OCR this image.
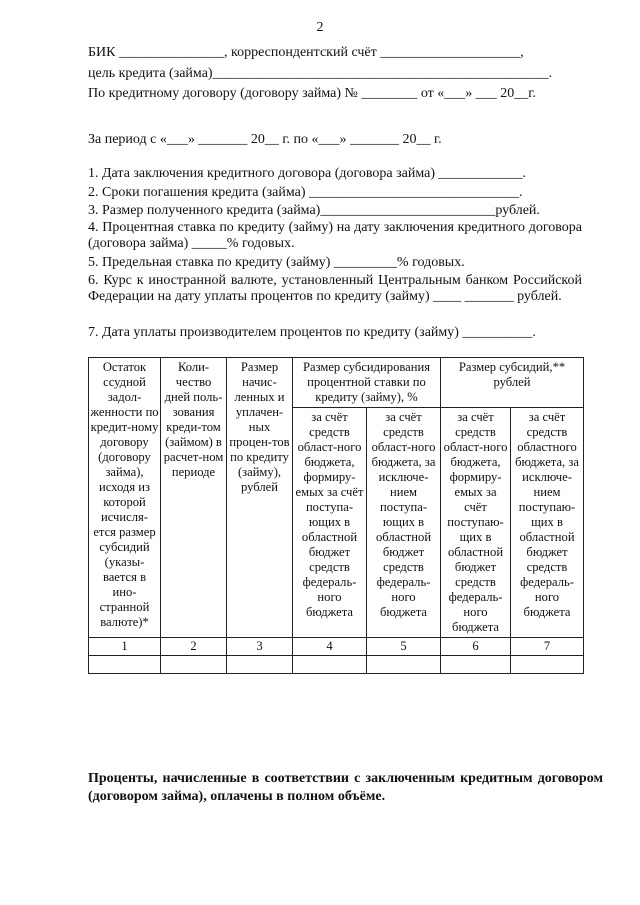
2
БИК _______________, корреспондентский счёт ____________________,
цель кредита (займа)________________________________________________.
По кредитному договору (договору займа) № ________ от «___» ___ 20__г.
За период с «___» _______ 20__ г. по «___» _______ 20__ г.
1. Дата заключения кредитного договора (договора займа) ____________.
2. Сроки погашения кредита (займа) ______________________________.
3. Размер полученного кредита (займа)_________________________рублей.
4. Процентная ставка по кредиту (займу) на дату заключения кредитного договора (договора займа) _____% годовых.
5. Предельная ставка по кредиту (займу) _________% годовых.
6. Курс к иностранной валюте, установленный Центральным банком Российской Федерации на дату уплаты процентов по кредиту (займу) ____ _______ рублей.
7. Дата уплаты производителем процентов по кредиту (займу) __________.
Остаток ссудной задол-женности по кредит-ному договору (договору займа), исходя из которой исчисля-ется размер субсидий (указы-вается в ино-странной валюте)*	Коли-чество дней поль-зования креди-том (займом) в расчет-ном периоде	Размер начис-ленных и уплачен-ных процен-тов по кредиту (займу), рублей	Размер субсидирования процентной ставки по кредиту (займу), %		Размер субсидий,** рублей	
			за счёт средств област-ного бюджета, формиру-емых за счёт поступа-ющих в областной бюджет средств федераль-ного бюджета	за счёт средств област-ного бюджета, за исключе-нием поступа-ющих в областной бюджет средств федераль-ного бюджета	за счёт средств област-ного бюджета, формиру-емых за счёт поступаю-щих в областной бюджет средств федераль-ного бюджета	за счёт средств областного бюджета, за исключе-нием поступаю-щих в областной бюджет средств федераль-ного бюджета
1	2	3	4	5	6	7

Проценты, начисленные в соответствии с заключенным кредитным договором (договором займа), оплачены в полном объёме.
